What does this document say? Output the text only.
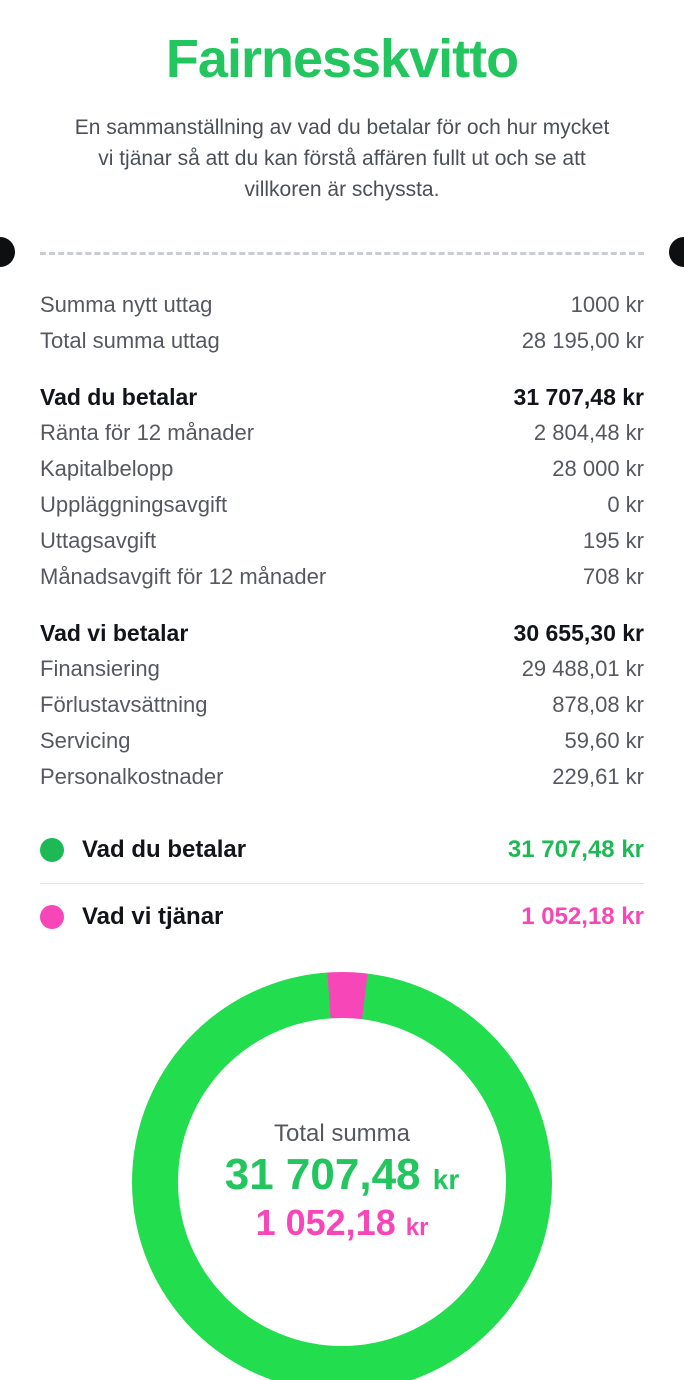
Fairnesskvitto

En sammanställning av vad du betalar för och hur mycket vi tjänar så att du kan förstå affären fullt ut och se att villkoren är schyssta.

Summa nytt uttag	1000 kr
Total summa uttag	28 195,00 kr
Vad du betalar	31 707,48 kr
Ränta för 12 månader	2 804,48 kr
Kapitalbelopp	28 000 kr
Uppläggningsavgift	0 kr
Uttagsavgift	195 kr
Månadsavgift för 12 månader	708 kr
Vad vi betalar	30 655,30 kr
Finansiering	29 488,01 kr
Förlustavsättning	878,08 kr
Servicing	59,60 kr
Personalkostnader	229,61 kr
Vad du betalar	31 707,48 kr
Vad vi tjänar	1 052,18 kr
Total summa
31 707,48 kr
1 052,18 kr
